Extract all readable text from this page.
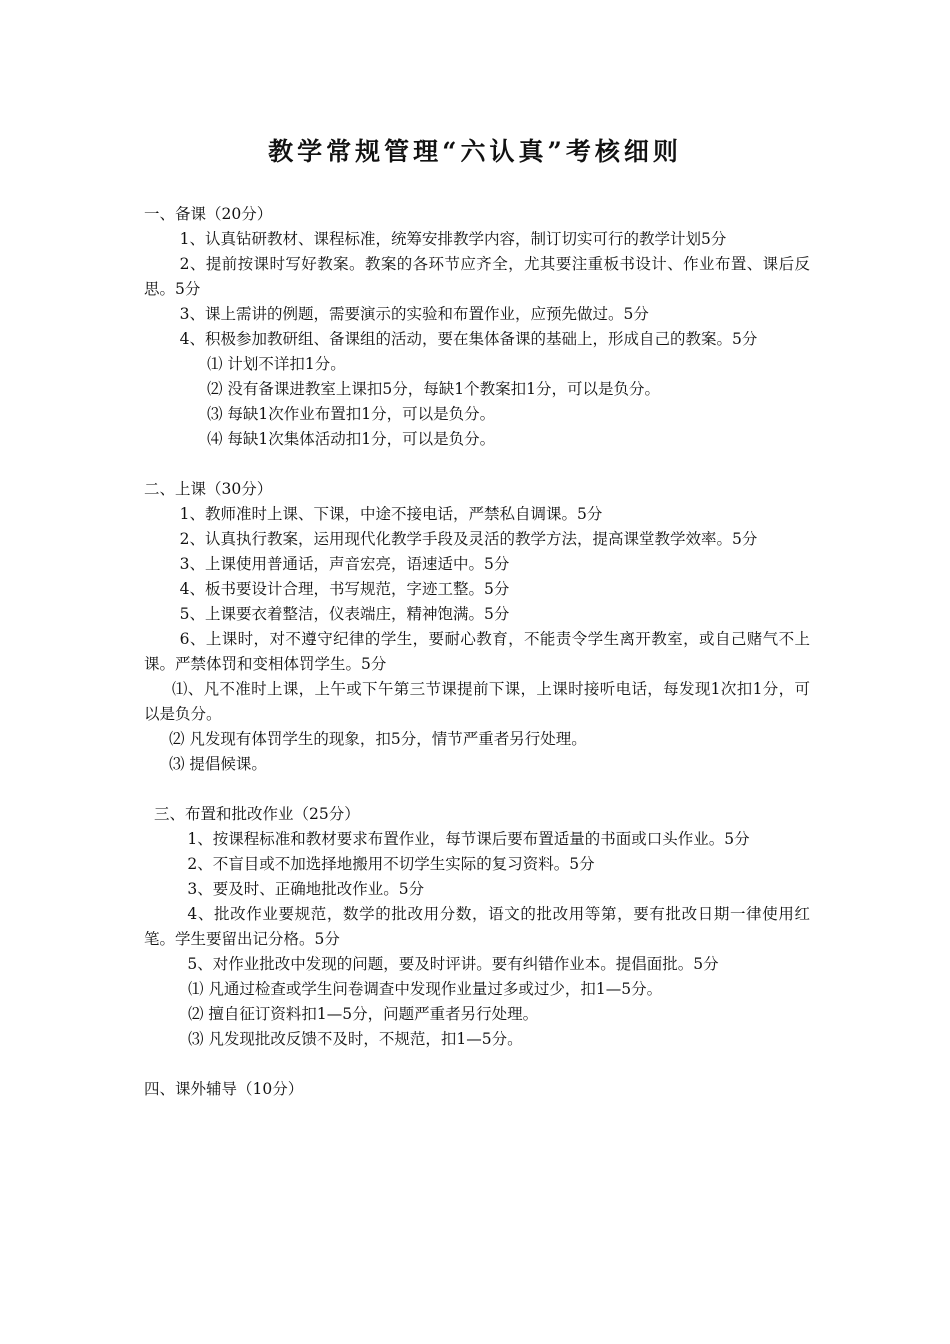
教学常规管理“六认真”考核细则

一、备课（20分）

1、认真钻研教材、课程标准，统筹安排教学内容，制订切实可行的教学计划5分

2、提前按课时写好教案。教案的各环节应齐全，尤其要注重板书设计、作业布置、课后反思。5分

3、课上需讲的例题，需要演示的实验和布置作业，应预先做过。5分

4、积极参加教研组、备课组的活动，要在集体备课的基础上，形成自己的教案。5分

⑴ 计划不详扣1分。

⑵ 没有备课进教室上课扣5分，每缺1个教案扣1分，可以是负分。

⑶ 每缺1次作业布置扣1分，可以是负分。

⑷ 每缺1次集体活动扣1分，可以是负分。

二、上课（30分）

1、教师准时上课、下课，中途不接电话，严禁私自调课。5分

2、认真执行教案，运用现代化教学手段及灵活的教学方法，提高课堂教学效率。5分

3、上课使用普通话，声音宏亮，语速适中。5分

4、板书要设计合理，书写规范，字迹工整。5分

5、上课要衣着整洁，仪表端庄，精神饱满。5分

6、上课时，对不遵守纪律的学生，要耐心教育，不能责令学生离开教室，或自己赌气不上课。严禁体罚和变相体罚学生。5分

⑴、凡不准时上课，上午或下午第三节课提前下课，上课时接听电话，每发现1次扣1分，可以是负分。

⑵ 凡发现有体罚学生的现象，扣5分，情节严重者另行处理。

⑶ 提倡候课。

三、布置和批改作业（25分）

1、按课程标准和教材要求布置作业，每节课后要布置适量的书面或口头作业。5分

2、不盲目或不加选择地搬用不切学生实际的复习资料。5分

3、要及时、正确地批改作业。5分

4、批改作业要规范，数学的批改用分数，语文的批改用等第，要有批改日期一律使用红笔。学生要留出记分格。5分

5、对作业批改中发现的问题，要及时评讲。要有纠错作业本。提倡面批。5分

⑴ 凡通过检查或学生问卷调查中发现作业量过多或过少，扣1—5分。

⑵ 擅自征订资料扣1—5分，问题严重者另行处理。

⑶ 凡发现批改反馈不及时，不规范，扣1—5分。

四、课外辅导（10分）
